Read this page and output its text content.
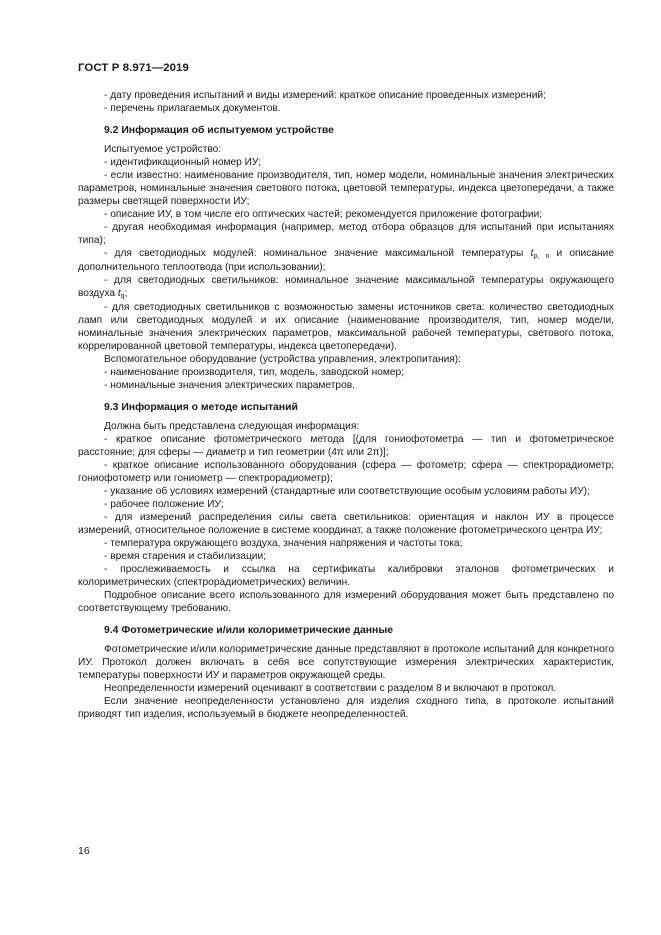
ГОСТ Р 8.971—2019

- дату проведения испытаний и виды измерений: краткое описание проведенных измерений;

- перечень прилагаемых документов.

9.2 Информация об испытуемом устройстве

Испытуемое устройство:

- идентификационный номер ИУ;

- если известно: наименование производителя, тип, номер модели, номинальные значения электрических параметров, номинальные значения светового потока, цветовой температуры, индекса цветопередачи, а также размеры светящей поверхности ИУ;

- описание ИУ, в том числе его оптических частей; рекомендуется приложение фотографии;

- другая необходимая информация (например, метод отбора образцов для испытаний при испытаниях типа);

- для светодиодных модулей: номинальное значение максимальной температуры tp, n и описание дополнительного теплоотвода (при использовании);

- для светодиодных светильников: номинальное значение максимальной температуры окружающего воздуха tq;

- для светодиодных светильников с возможностью замены источников света: количество светодиодных ламп или светодиодных модулей и их описание (наименование производителя, тип, номер модели, номинальные значения электрических параметров, максимальной рабочей температуры, светового потока, коррелированной цветовой температуры, индекса цветопередачи).

Вспомогательное оборудование (устройства управления, электропитания):

- наименование производителя, тип, модель, заводской номер;

- номинальные значения электрических параметров.

9.3 Информация о методе испытаний

Должна быть представлена следующая информация:

- краткое описание фотометрического метода [(для гониофотометра — тип и фотометрическое расстояние; для сферы — диаметр и тип геометрии (4π или 2π)];

- краткое описание использованного оборудования (сфера — фотометр; сфера — спектрорадиометр; гониофотометр или гониометр — спектрорадиометр);

- указание об условиях измерений (стандартные или соответствующие особым условиям работы ИУ);

- рабочее положение ИУ;

- для измерений распределения силы света светильников: ориентация и наклон ИУ в процессе измерений, относительное положение в системе координат, а также положение фотометрического центра ИУ;

- температура окружающего воздуха, значения напряжения и частоты тока;

- время старения и стабилизации;

- прослеживаемость и ссылка на сертификаты калибровки эталонов фотометрических и колориметрических (спектрорадиометрических) величин.

Подробное описание всего использованного для измерений оборудования может быть представлено по соответствующему требованию.

9.4 Фотометрические и/или колориметрические данные

Фотометрические и/или колориметрические данные представляют в протоколе испытаний для конкретного ИУ. Протокол должен включать в себя все сопутствующие измерения электрических характеристик, температуры поверхности ИУ и параметров окружающей среды.

Неопределенности измерений оценивают в соответствии с разделом 8 и включают в протокол.

Если значение неопределенности установлено для изделия сходного типа, в протоколе испытаний приводят тип изделия, используемый в бюджете неопределенностей.

16
